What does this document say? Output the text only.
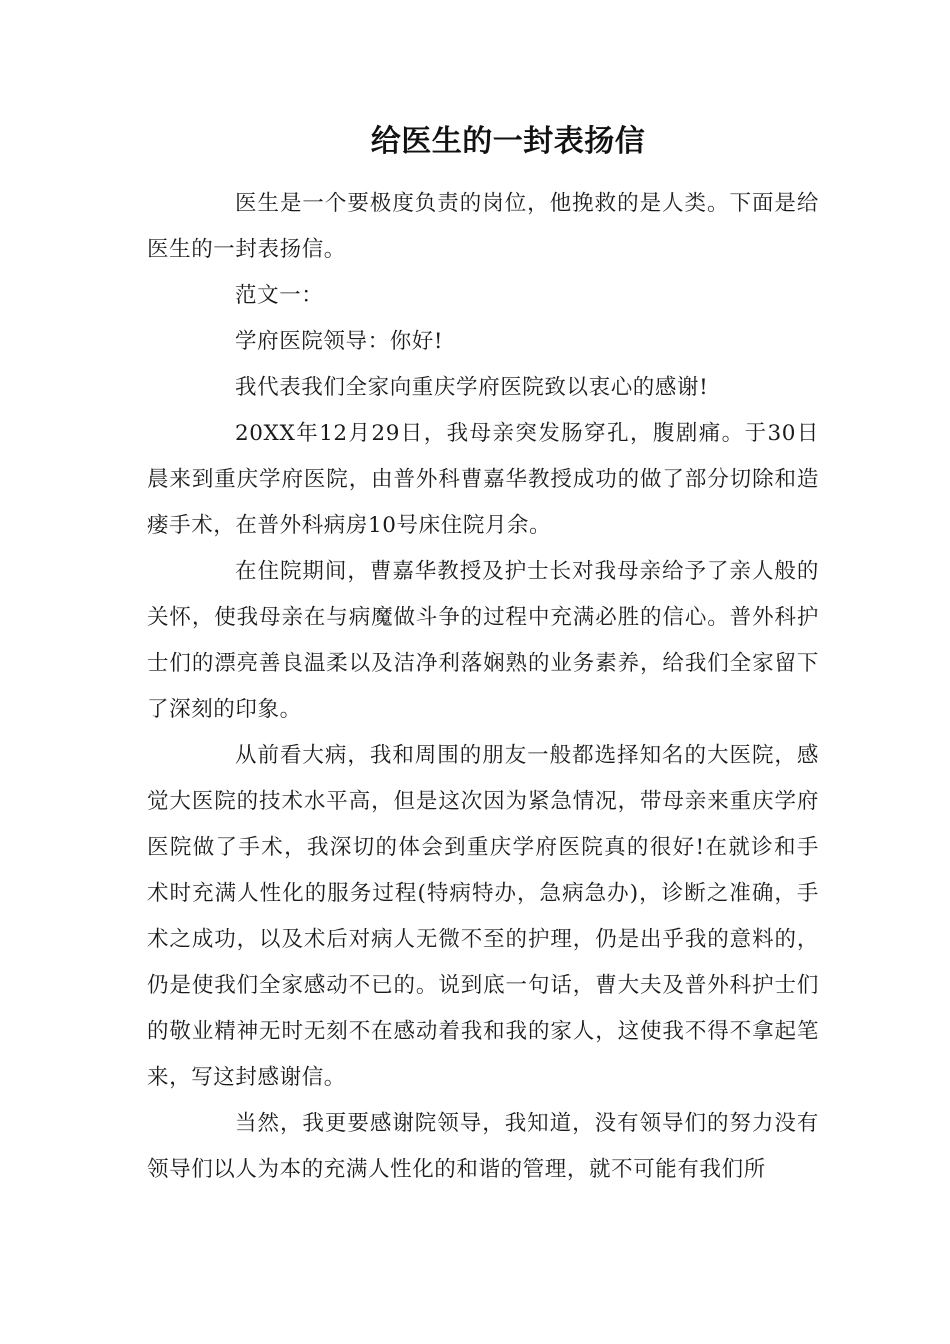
给医生的一封表扬信

医生是一个要极度负责的岗位，他挽救的是人类。下面是给医生的一封表扬信。

范文一：

学府医院领导：你好!

我代表我们全家向重庆学府医院致以衷心的感谢!

20XX年12月29日，我母亲突发肠穿孔，腹剧痛。于30日晨来到重庆学府医院，由普外科曹嘉华教授成功的做了部分切除和造瘘手术，在普外科病房10号床住院月余。

在住院期间，曹嘉华教授及护士长对我母亲给予了亲人般的关怀，使我母亲在与病魔做斗争的过程中充满必胜的信心。普外科护士们的漂亮善良温柔以及洁净利落娴熟的业务素养，给我们全家留下了深刻的印象。

从前看大病，我和周围的朋友一般都选择知名的大医院，感觉大医院的技术水平高，但是这次因为紧急情况，带母亲来重庆学府医院做了手术，我深切的体会到重庆学府医院真的很好!在就诊和手术时充满人性化的服务过程(特病特办，急病急办)，诊断之准确，手术之成功，以及术后对病人无微不至的护理，仍是出乎我的意料的，仍是使我们全家感动不已的。说到底一句话，曹大夫及普外科护士们的敬业精神无时无刻不在感动着我和我的家人，这使我不得不拿起笔来，写这封感谢信。

当然，我更要感谢院领导，我知道，没有领导们的努力没有领导们以人为本的充满人性化的和谐的管理，就不可能有我们所
